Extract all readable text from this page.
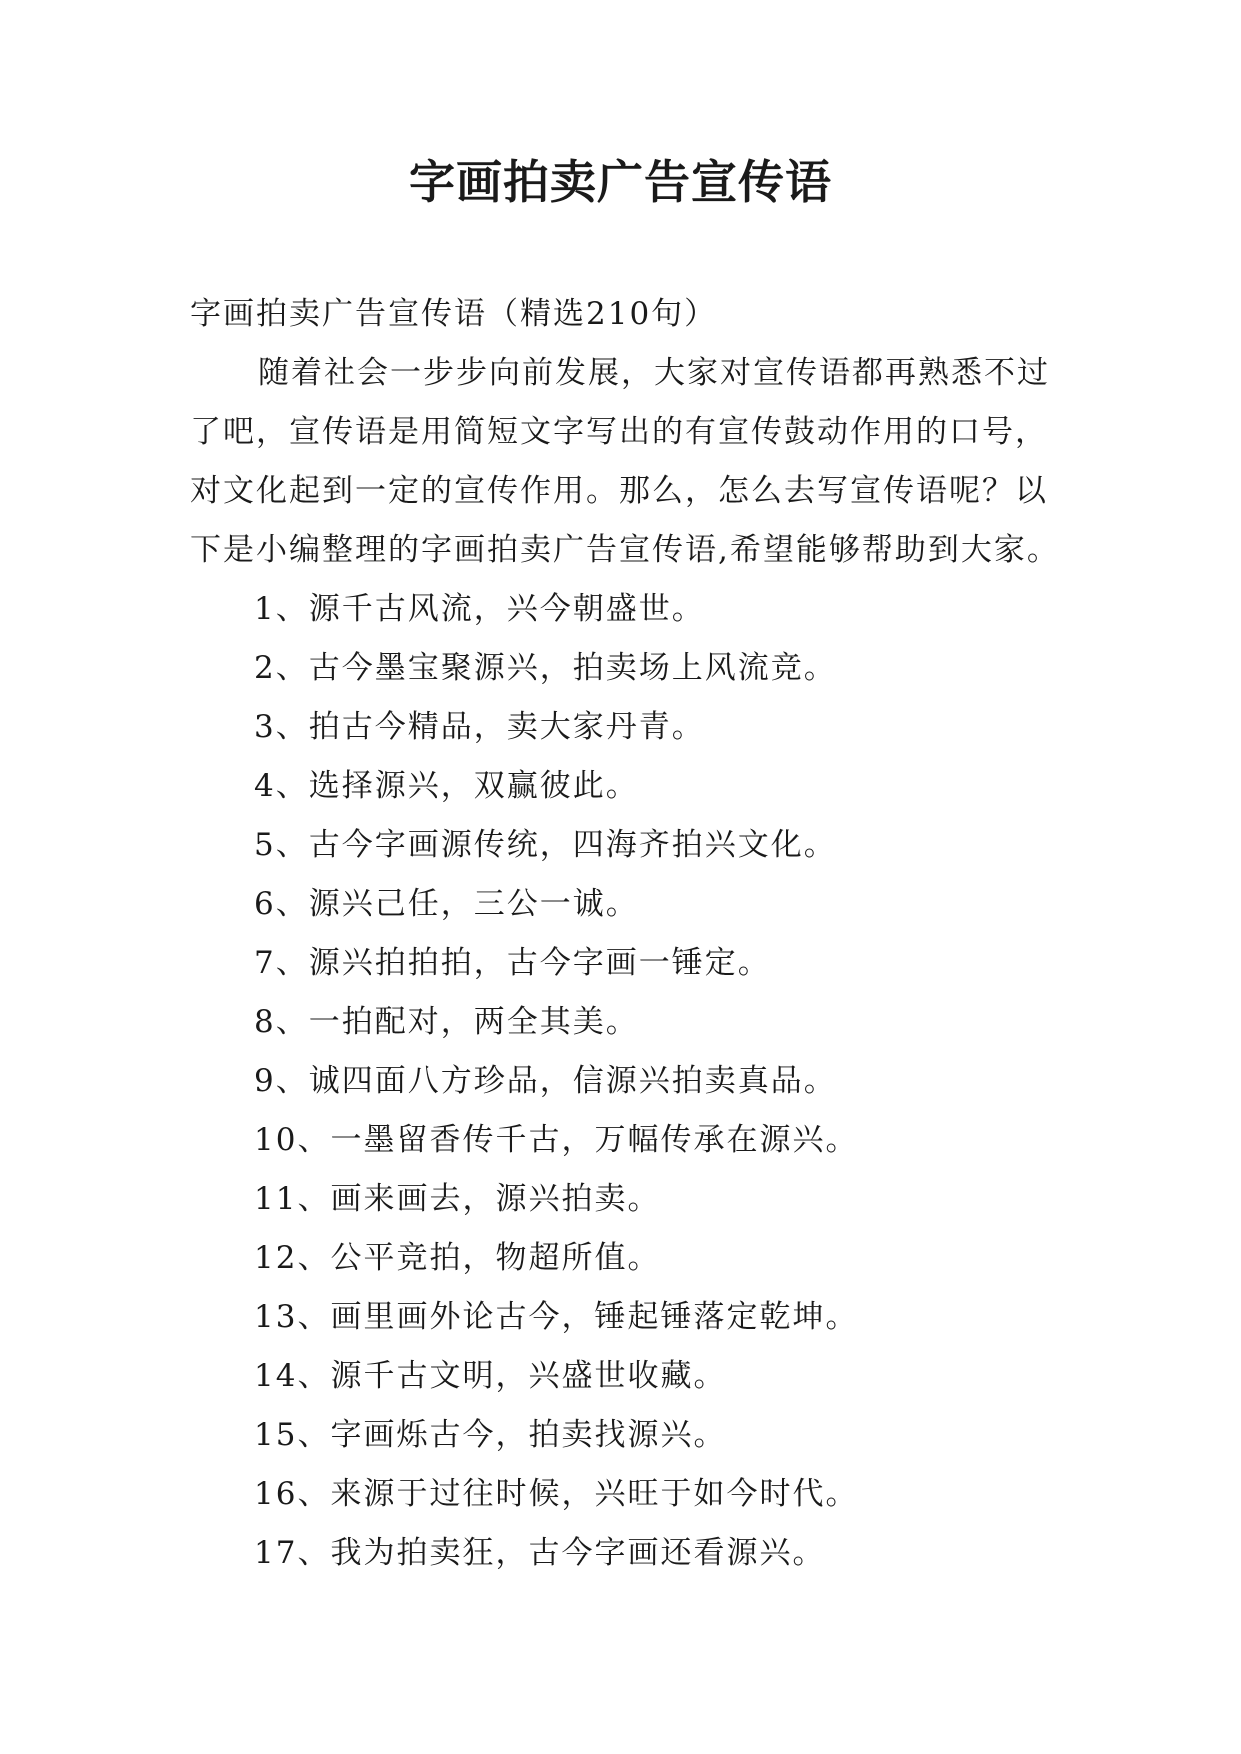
字画拍卖广告宣传语

字画拍卖广告宣传语（精选210句）

随着社会一步步向前发展，大家对宣传语都再熟悉不过了吧，宣传语是用简短文字写出的有宣传鼓动作用的口号，对文化起到一定的宣传作用。那么，怎么去写宣传语呢？以下是小编整理的字画拍卖广告宣传语,希望能够帮助到大家。

1、源千古风流，兴今朝盛世。
2、古今墨宝聚源兴，拍卖场上风流竞。
3、拍古今精品，卖大家丹青。
4、选择源兴，双赢彼此。
5、古今字画源传统，四海齐拍兴文化。
6、源兴己任，三公一诚。
7、源兴拍拍拍，古今字画一锤定。
8、一拍配对，两全其美。
9、诚四面八方珍品，信源兴拍卖真品。
10、一墨留香传千古，万幅传承在源兴。
11、画来画去，源兴拍卖。
12、公平竞拍，物超所值。
13、画里画外论古今，锤起锤落定乾坤。
14、源千古文明，兴盛世收藏。
15、字画烁古今，拍卖找源兴。
16、来源于过往时候，兴旺于如今时代。
17、我为拍卖狂，古今字画还看源兴。
